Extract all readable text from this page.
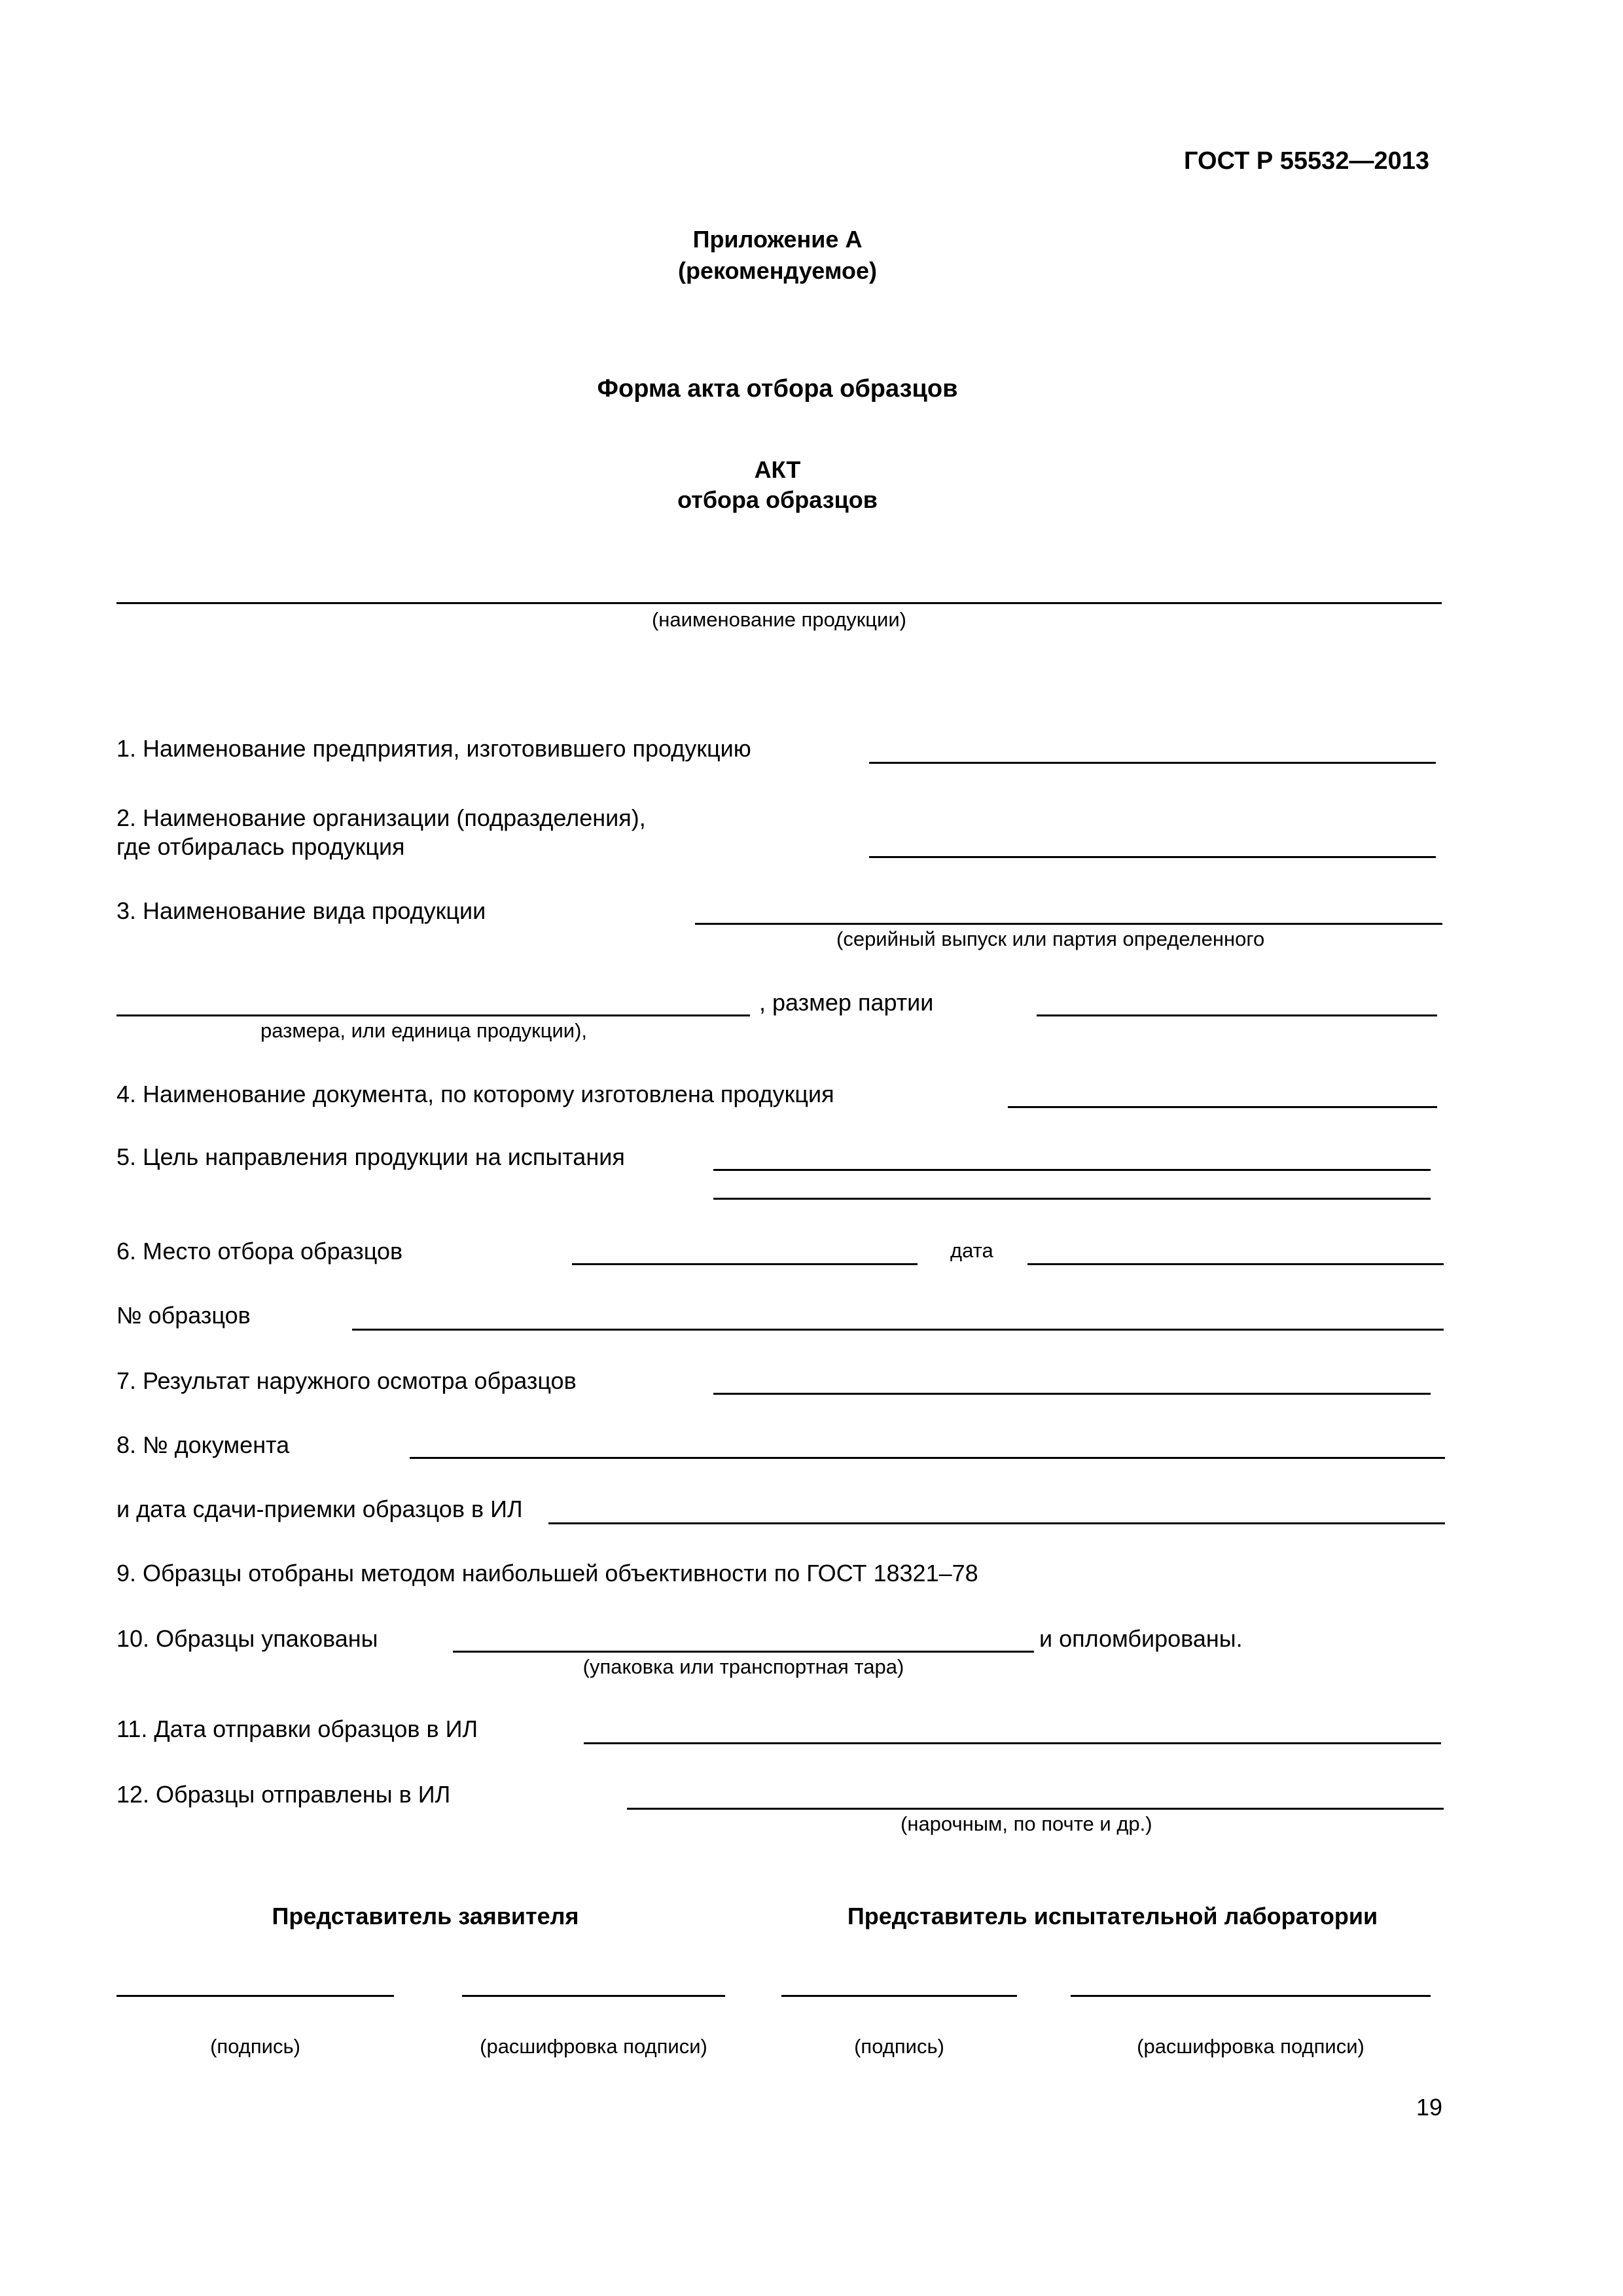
ГОСТ Р 55532—2013
Приложение А
(рекомендуемое)
Форма акта отбора образцов
АКТ
отбора образцов
(наименование продукции)
1. Наименование предприятия, изготовившего продукцию
2. Наименование организации (подразделения),
где отбиралась продукция
3. Наименование вида продукции
(серийный выпуск или партия определенного
, размер партии
размера, или единица продукции),
4. Наименование документа, по которому изготовлена продукция
5. Цель направления продукции на испытания
6. Место отбора образцов	дата
№ образцов
7. Результат наружного осмотра образцов
8. № документа
и дата сдачи-приемки образцов в ИЛ
9. Образцы отобраны методом наибольшей объективности по ГОСТ 18321–78
10. Образцы упакованы	и опломбированы.
(упаковка или транспортная тара)
11. Дата отправки образцов в ИЛ
12. Образцы отправлены в ИЛ
(нарочным, по почте и др.)
Представитель заявителя	Представитель испытательной лаборатории
(подпись)	(расшифровка подписи)	(подпись)	(расшифровка подписи)
19
